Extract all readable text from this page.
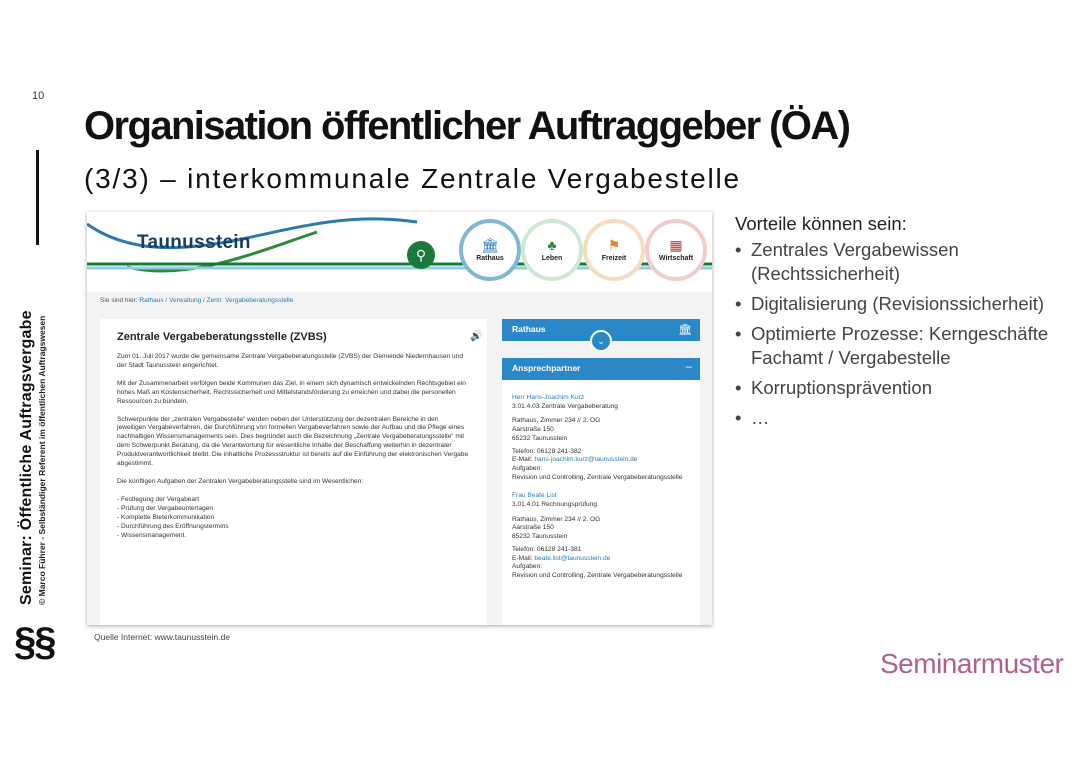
10
Seminar: Öffentliche Auftragsvergabe © Marco Führer - Selbständiger Referent im öffentlichen Auftragswesen
§§
Organisation öffentlicher Auftraggeber (ÖA)
(3/3) – interkommunale Zentrale Vergabestelle
Taunusstein
⚲
🏛
Rathaus
♣
Leben
⚑
Freizeit
▦
Wirtschaft
Sie sind hier: Rathaus / Verwaltung / Zentr. Vergabeberatungsstelle
Zentrale Vergabeberatungsstelle (ZVBS)	🔊

Zum 01. Juli 2017 wurde die gemeinsame Zentrale Vergabeberatungsstelle (ZVBS) der Gemeinde Niedernhausen und der Stadt Taunusstein eingerichtet.

Mit der Zusammenarbeit verfolgen beide Kommunen das Ziel, in einem sich dynamisch entwickelnden Rechtsgebiet ein hohes Maß an Kostensicherheit, Rechtssicherheit und Mittelstandsförderung zu erreichen und dabei die personellen Ressourcen zu bündeln.

Schwerpunkte der „zentralen Vergabestelle“ werden neben der Unterstützung der dezentralen Bereiche in den jeweiligen Vergabeverfahren, die Durchführung von formellen Vergabeverfahren sowie der Aufbau und die Pflege eines nachhaltigen Wissensmanagements sein. Dies begründet auch die Bezeichnung „Zentrale Vergabeberatungsstelle“ mit dem Schwerpunkt Beratung, da die Verantwortung für wesentliche Inhalte der Beschaffung weiterhin in dezentraler Produktverantwortlichkeit bleibt. Die inhaltliche Prozessstruktur ist bereits auf die Einführung der elektronischen Vergabe abgestimmt.

Die künftigen Aufgaben der Zentralen Vergabeberatungsstelle sind im Wesentlichen:

- Festlegung der Vergabeart
- Prüfung der Vergabeunterlagen
- Komplette Bieterkommunikation
- Durchführung des Eröffnungstermins
- Wissensmanagement.
Rathaus	🏛
⌄
Ansprechpartner	–
Herr Hans-Joachim Kurz
3.01.4.03 Zentrale Vergabeberatung
Rathaus, Zimmer 234 // 2. OG
Aarstraße 150
65232 Taunusstein
Telefon: 06128 241-382
E-Mail: hans-joachim.kurz@taunusstein.de
Aufgaben:
Revision und Controlling, Zentrale Vergabeberatungsstelle
Frau Beate List
3.01.4.01 Rechnungsprüfung
Rathaus, Zimmer 234 // 2. OG
Aarstraße 150
65232 Taunusstein
Telefon: 06128 241-381
E-Mail: beate.list@taunusstein.de
Aufgaben:
Revision und Controlling, Zentrale Vergabeberatungsstelle
Quelle Internet: www.taunusstein.de
Vorteile können sein:
• Zentrales Vergabewissen (Rechtssicherheit)
• Digitalisierung (Revisionssicherheit)
• Optimierte Prozesse: Kerngeschäfte Fachamt / Vergabestelle
• Korruptionsprävention
• …
Seminarmuster
